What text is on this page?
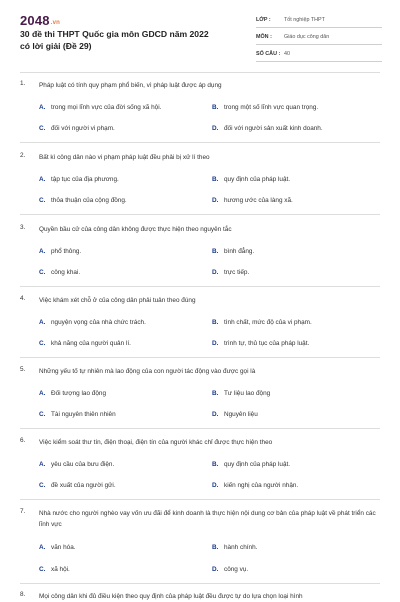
2048.vn
30 đề thi THPT Quốc gia môn GDCD năm 2022 có lời giải (Đề 29)
LỚP :	Tốt nghiệp THPT
MÔN :	Giáo dục công dân
SỐ CÂU : 40
1. Pháp luật có tính quy phạm phổ biến, vì pháp luật được áp dụng
A. trong mọi lĩnh vực của đời sống xã hội.	B. trong một số lĩnh vực quan trọng.
C. đối với người vi phạm.	D. đối với người sản xuất kinh doanh.
2. Bất kì công dân nào vi phạm pháp luật đều phải bị xử lí theo
A. tập tục của địa phương.	B. quy định của pháp luật.
C. thỏa thuận của cộng đồng.	D. hương ước của làng xã.
3. Quyền bầu cử của công dân không được thực hiện theo nguyên tắc
A. phổ thông.	B. bình đẳng.
C. công khai.	D. trực tiếp.
4. Việc khám xét chỗ ở của công dân phải tuân theo đúng
A. nguyện vọng của nhà chức trách.	B. tình chất, mức độ của vi phạm.
C. khả năng của người quản lí.	D. trình tự, thủ tục của pháp luật.
5. Những yếu tố tự nhiên mà lao động của con người tác động vào được gọi là
A. Đối tượng lao động	B. Tư liệu lao động
C. Tài nguyên thiên nhiên	D. Nguyên liệu
6. Việc kiểm soát thư tín, điện thoại, điện tín của người khác chỉ được thực hiện theo
A. yêu cầu của bưu điện.	B. quy định của pháp luật.
C. đề xuất của người gửi.	D. kiến nghị của người nhận.
7. Nhà nước cho người nghèo vay vốn ưu đãi để kinh doanh là thực hiện nội dung cơ bản của pháp luật về phát triển các lĩnh vực
A. văn hóa.	B. hành chính.
C. xã hội.	D. công vụ.
8. Mọi công dân khi đủ điều kiện theo quy định của pháp luật đều được tự do lựa chọn loại hình
